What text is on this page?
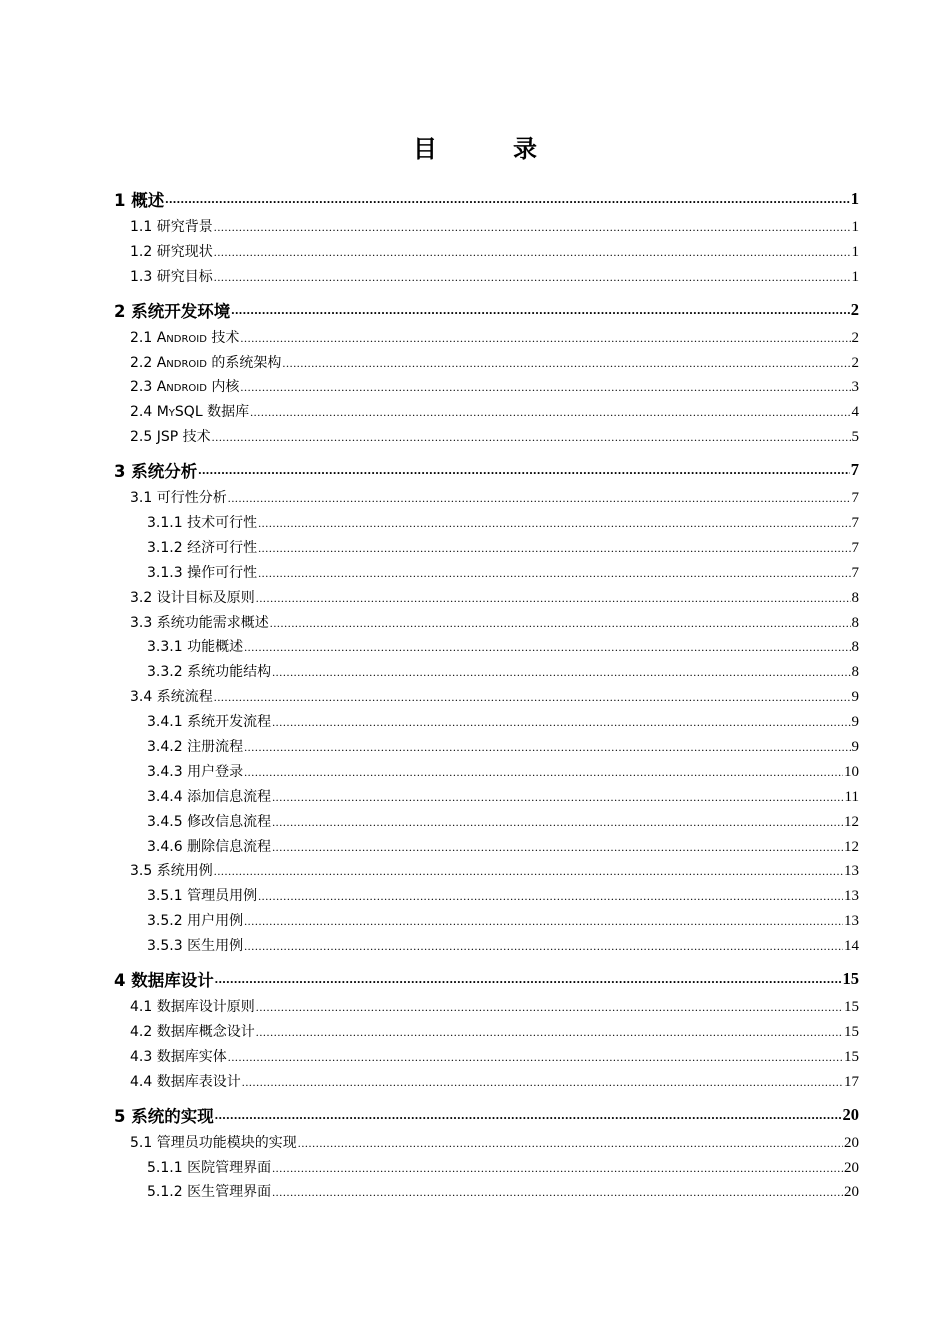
目　录
1 概述 .....	1
1.1 研究背景 .....	1
1.2 研究现状 .....	1
1.3 研究目标 .....	1
2 系统开发环境 .....	2
2.1 Android 技术 .....	2
2.2 Android 的系统架构 .....	2
2.3 Android 内核 .....	3
2.4 MySQL 数据库 .....	4
2.5 JSP 技术 .....	5
3 系统分析 .....	7
3.1 可行性分析 .....	7
3.1.1 技术可行性 .....	7
3.1.2 经济可行性 .....	7
3.1.3 操作可行性 .....	7
3.2 设计目标及原则 .....	8
3.3 系统功能需求概述 .....	8
3.3.1 功能概述 .....	8
3.3.2 系统功能结构 .....	8
3.4 系统流程 .....	9
3.4.1 系统开发流程 .....	9
3.4.2 注册流程 .....	9
3.4.3 用户登录 .....	10
3.4.4 添加信息流程 .....	11
3.4.5 修改信息流程 .....	12
3.4.6 删除信息流程 .....	12
3.5 系统用例 .....	13
3.5.1 管理员用例 .....	13
3.5.2 用户用例 .....	13
3.5.3 医生用例 .....	14
4 数据库设计 .....	15
4.1 数据库设计原则 .....	15
4.2 数据库概念设计 .....	15
4.3 数据库实体 .....	15
4.4 数据库表设计 .....	17
5 系统的实现 .....	20
5.1 管理员功能模块的实现 .....	20
5.1.1 医院管理界面 .....	20
5.1.2 医生管理界面 .....	20
